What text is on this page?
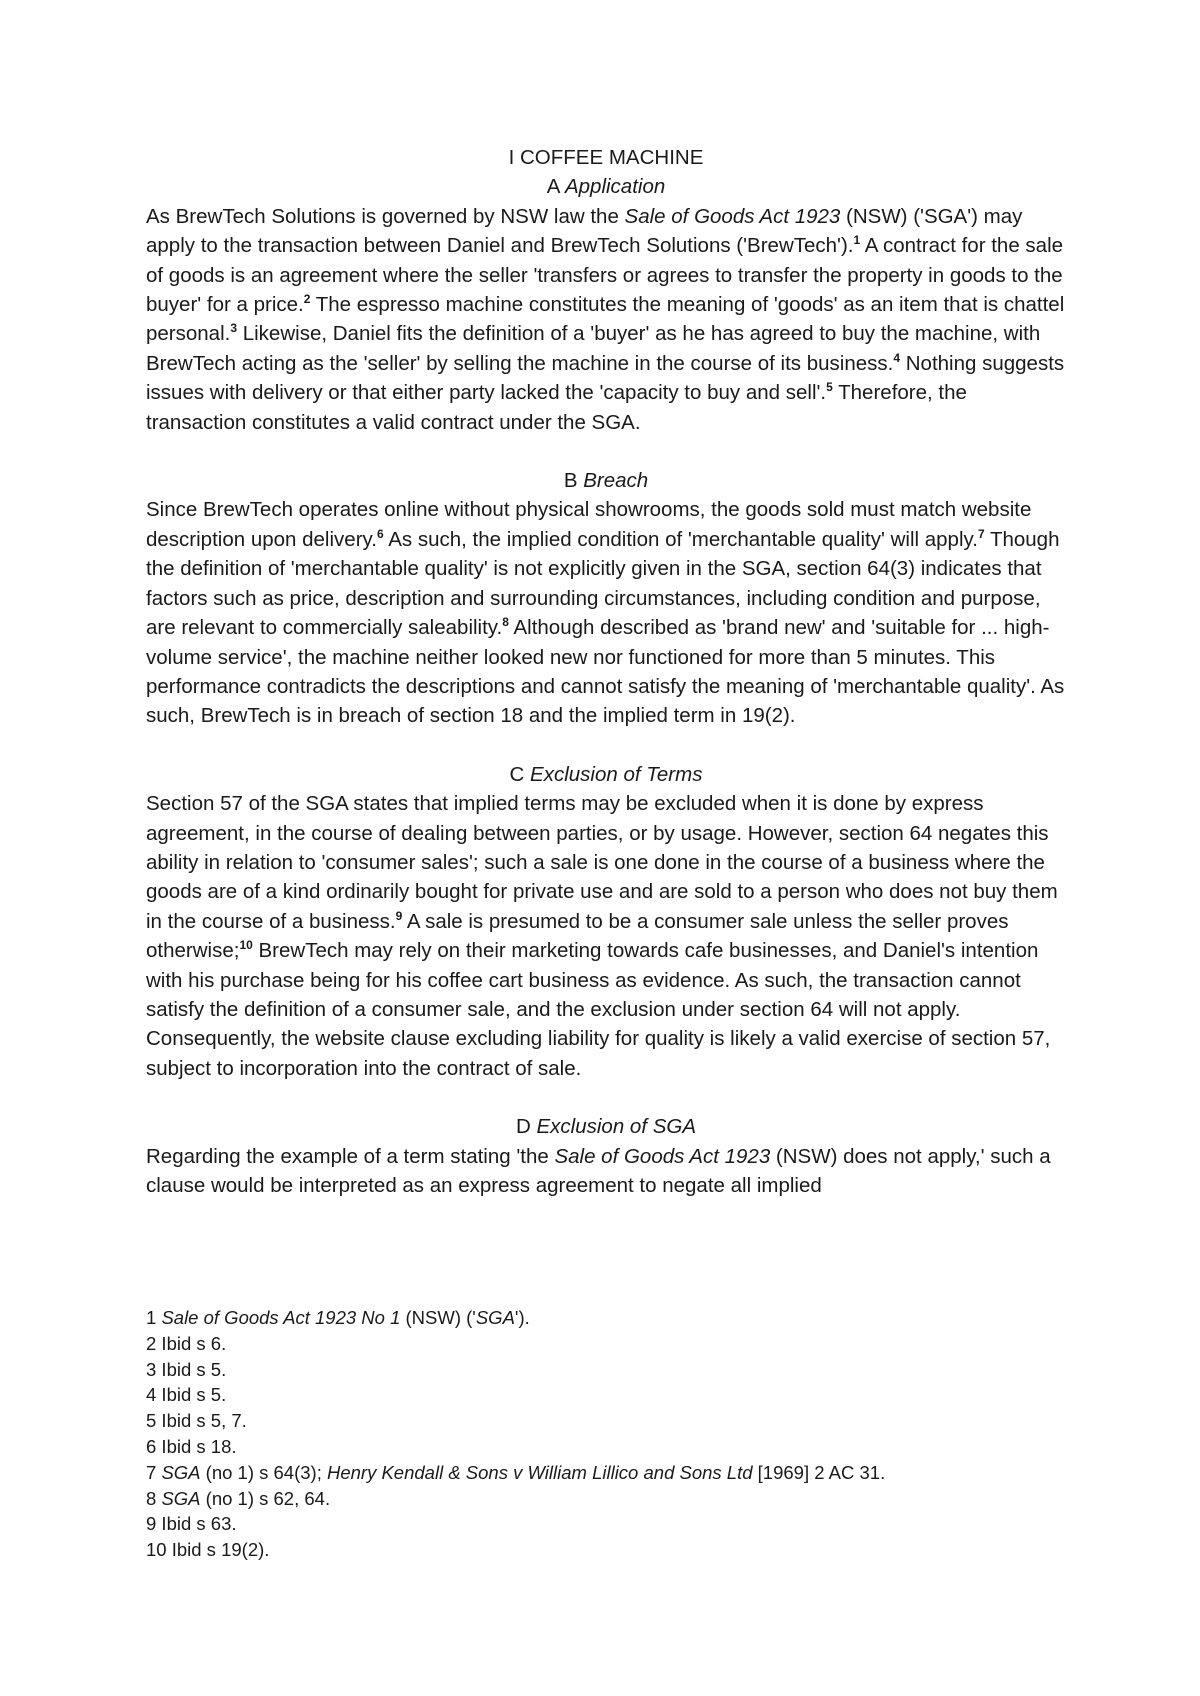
I COFFEE MACHINE
A Application

As BrewTech Solutions is governed by NSW law the Sale of Goods Act 1923 (NSW) ('SGA') may apply to the transaction between Daniel and BrewTech Solutions ('BrewTech').$^1$ A contract for the sale of goods is an agreement where the seller 'transfers or agrees to transfer the property in goods to the buyer' for a price.$^2$ The espresso machine constitutes the meaning of 'goods' as an item that is chattel personal.$^3$ Likewise, Daniel fits the definition of a 'buyer' as he has agreed to buy the machine, with BrewTech acting as the 'seller' by selling the machine in the course of its business.$^4$ Nothing suggests issues with delivery or that either party lacked the 'capacity to buy and sell'.$^5$ Therefore, the transaction constitutes a valid contract under the SGA.

B Breach

Since BrewTech operates online without physical showrooms, the goods sold must match website description upon delivery.$^6$ As such, the implied condition of 'merchantable quality' will apply.$^7$ Though the definition of 'merchantable quality' is not explicitly given in the SGA, section 64(3) indicates that factors such as price, description and surrounding circumstances, including condition and purpose, are relevant to commercially saleability.$^8$ Although described as 'brand new' and 'suitable for ... high-volume service', the machine neither looked new nor functioned for more than 5 minutes. This performance contradicts the descriptions and cannot satisfy the meaning of 'merchantable quality'. As such, BrewTech is in breach of section 18 and the implied term in 19(2).

C Exclusion of Terms

Section 57 of the SGA states that implied terms may be excluded when it is done by express agreement, in the course of dealing between parties, or by usage. However, section 64 negates this ability in relation to 'consumer sales'; such a sale is one done in the course of a business where the goods are of a kind ordinarily bought for private use and are sold to a person who does not buy them in the course of a business.$^9$ A sale is presumed to be a consumer sale unless the seller proves otherwise;$^{10}$ BrewTech may rely on their marketing towards cafe businesses, and Daniel's intention with his purchase being for his coffee cart business as evidence. As such, the transaction cannot satisfy the definition of a consumer sale, and the exclusion under section 64 will not apply. Consequently, the website clause excluding liability for quality is likely a valid exercise of section 57, subject to incorporation into the contract of sale.

D Exclusion of SGA

Regarding the example of a term stating 'the Sale of Goods Act 1923 (NSW) does not apply,' such a clause would be interpreted as an express agreement to negate all implied

1 Sale of Goods Act 1923 No 1 (NSW) ('SGA').
2 Ibid s 6.
3 Ibid s 5.
4 Ibid s 5.
5 Ibid s 5, 7.
6 Ibid s 18.
7 SGA (no 1) s 64(3); Henry Kendall & Sons v William Lillico and Sons Ltd [1969] 2 AC 31.
8 SGA (no 1) s 62, 64.
9 Ibid s 63.
10 Ibid s 19(2).
